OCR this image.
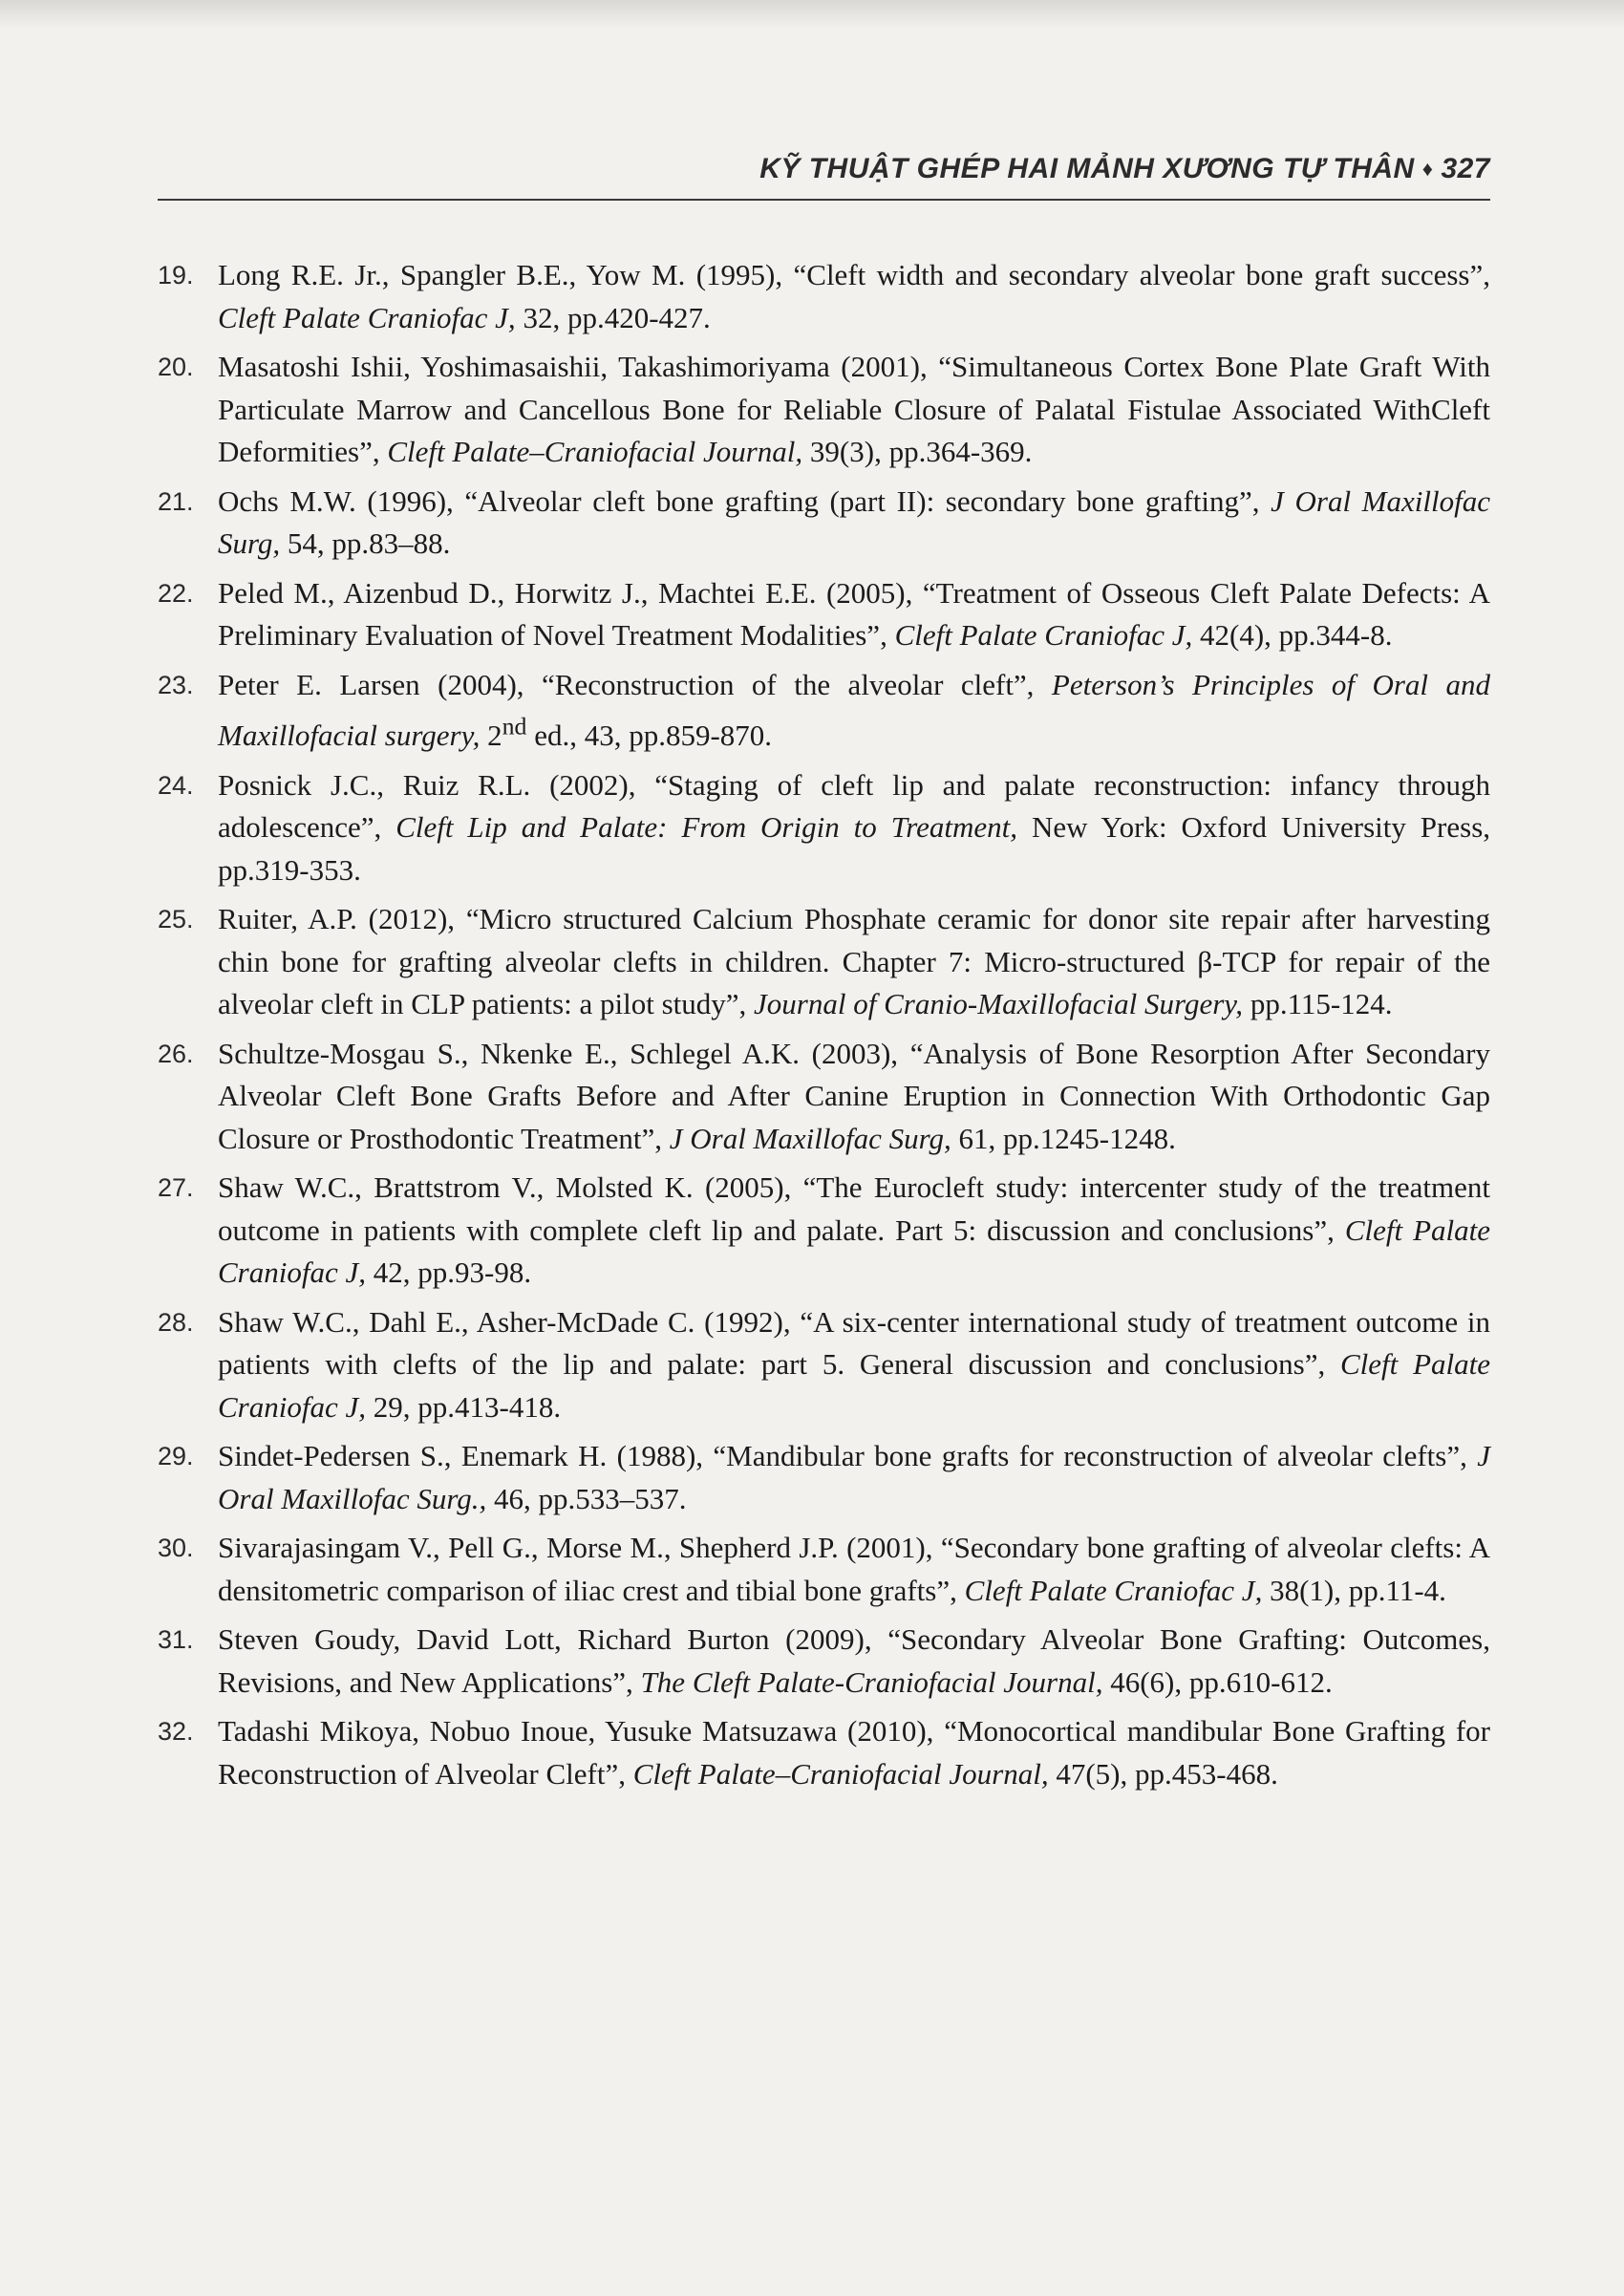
KỸ THUẬT GHÉP HAI MẢNH XƯƠNG TỰ THÂN ♦ 327
19. Long R.E. Jr., Spangler B.E., Yow M. (1995), “Cleft width and secondary alveolar bone graft success”, Cleft Palate Craniofac J, 32, pp.420-427.
20. Masatoshi Ishii, Yoshimasaishii, Takashimoriyama (2001), “Simultaneous Cortex Bone Plate Graft With Particulate Marrow and Cancellous Bone for Reliable Closure of Palatal Fistulae Associated WithCleft Deformities”, Cleft Palate–Craniofacial Journal, 39(3), pp.364-369.
21. Ochs M.W. (1996), “Alveolar cleft bone grafting (part II): secondary bone grafting”, J Oral Maxillofac Surg, 54, pp.83–88.
22. Peled M., Aizenbud D., Horwitz J., Machtei E.E. (2005), “Treatment of Osseous Cleft Palate Defects: A Preliminary Evaluation of Novel Treatment Modalities”, Cleft Palate Craniofac J, 42(4), pp.344-8.
23. Peter E. Larsen (2004), “Reconstruction of the alveolar cleft”, Peterson’s Principles of Oral and Maxillofacial surgery, 2nd ed., 43, pp.859-870.
24. Posnick J.C., Ruiz R.L. (2002), “Staging of cleft lip and palate reconstruction: infancy through adolescence”, Cleft Lip and Palate: From Origin to Treatment, New York: Oxford University Press, pp.319-353.
25. Ruiter, A.P. (2012), “Micro structured Calcium Phosphate ceramic for donor site repair after harvesting chin bone for grafting alveolar clefts in children. Chapter 7: Micro-structured β-TCP for repair of the alveolar cleft in CLP patients: a pilot study”, Journal of Cranio-Maxillofacial Surgery, pp.115-124.
26. Schultze-Mosgau S., Nkenke E., Schlegel A.K. (2003), “Analysis of Bone Resorption After Secondary Alveolar Cleft Bone Grafts Before and After Canine Eruption in Connection With Orthodontic Gap Closure or Prosthodontic Treatment”, J Oral Maxillofac Surg, 61, pp.1245-1248.
27. Shaw W.C., Brattstrom V., Molsted K. (2005), “The Eurocleft study: intercenter study of the treatment outcome in patients with complete cleft lip and palate. Part 5: discussion and conclusions”, Cleft Palate Craniofac J, 42, pp.93-98.
28. Shaw W.C., Dahl E., Asher-McDade C. (1992), “A six-center international study of treatment outcome in patients with clefts of the lip and palate: part 5. General discussion and conclusions”, Cleft Palate Craniofac J, 29, pp.413-418.
29. Sindet-Pedersen S., Enemark H. (1988), “Mandibular bone grafts for reconstruction of alveolar clefts”, J Oral Maxillofac Surg., 46, pp.533–537.
30. Sivarajasingam V., Pell G., Morse M., Shepherd J.P. (2001), “Secondary bone grafting of alveolar clefts: A densitometric comparison of iliac crest and tibial bone grafts”, Cleft Palate Craniofac J, 38(1), pp.11-4.
31. Steven Goudy, David Lott, Richard Burton (2009), “Secondary Alveolar Bone Grafting: Outcomes, Revisions, and New Applications”, The Cleft Palate-Craniofacial Journal, 46(6), pp.610-612.
32. Tadashi Mikoya, Nobuo Inoue, Yusuke Matsuzawa (2010), “Monocortical mandibular Bone Grafting for Reconstruction of Alveolar Cleft”, Cleft Palate–Craniofacial Journal, 47(5), pp.453-468.
